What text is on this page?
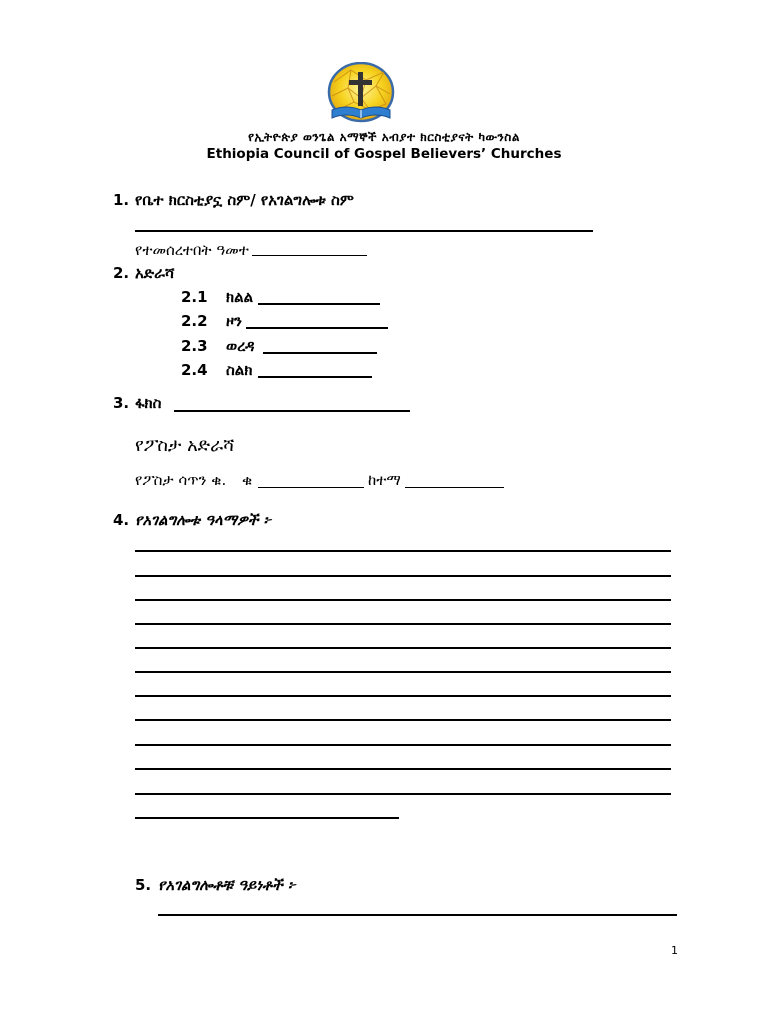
የኢትዮጵያ ወንጌል አማኞች አብያተ ክርስቲያናት ካውንስል
Ethiopia Council of Gospel Believers’ Churches
1. የቤተ ክርስቲያኗ ስም/ የአገልግሎቱ ስም
የተመሰረተበት ዓመተ
2. አድራሻ
2.1 ክልል
2.2 ዞን
2.3 ወረዳ
2.4 ስልክ
3. ፋክስ
የፖስታ አድራሻ
የፖስታ ሳጥን ቁ. ቁ	ከተማ
4. የአገልግሎቱ ዓላማዎች ፦
5. የአገልግሎቶቹ ዓይነቶች ፦
1
